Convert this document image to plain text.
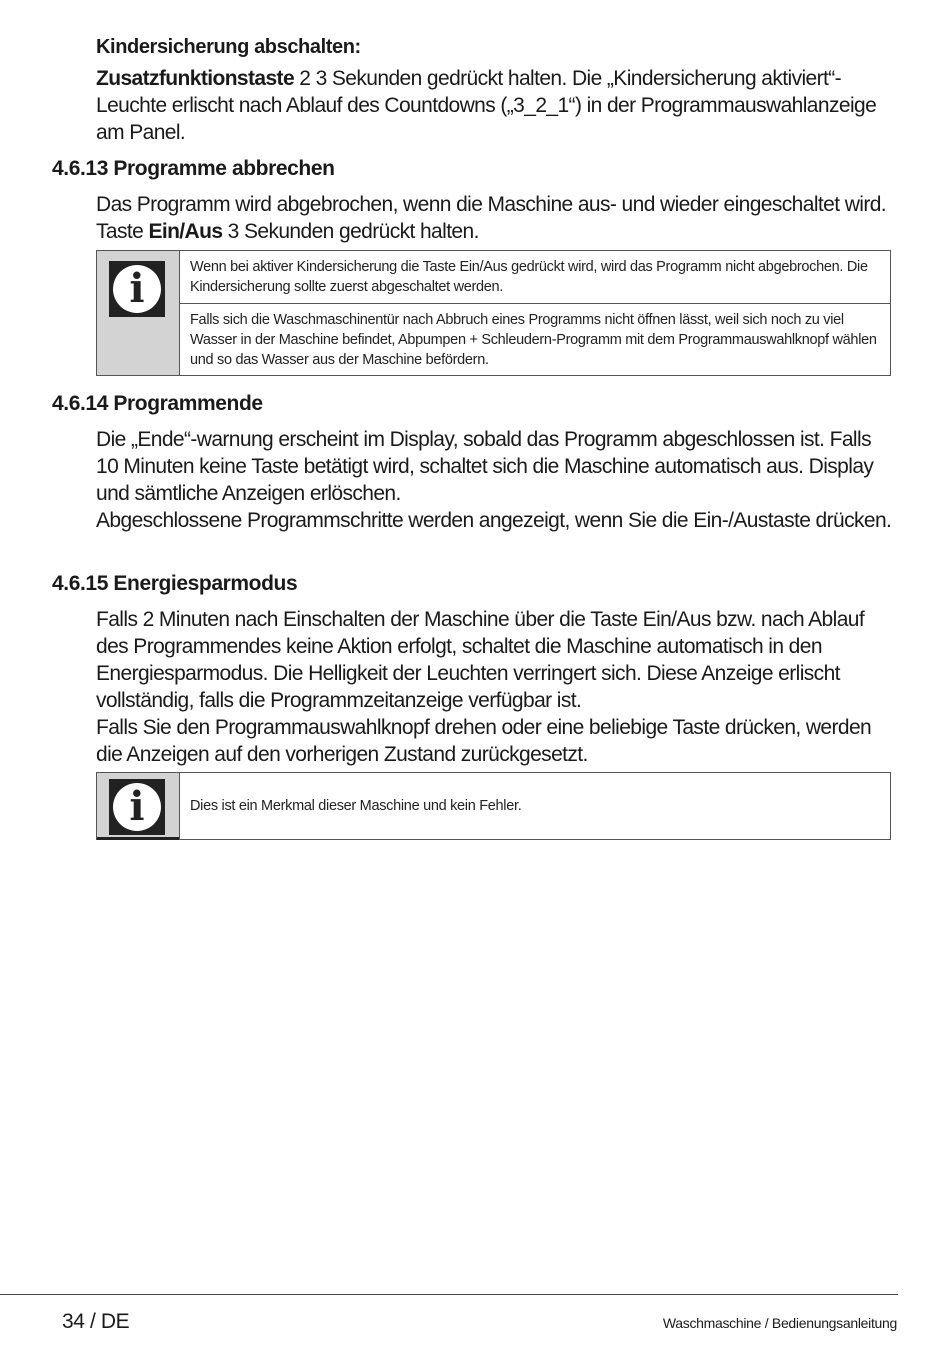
Kindersicherung abschalten:

Zusatzfunktionstaste 2 3 Sekunden gedrückt halten. Die „Kindersicherung aktiviert“-Leuchte erlischt nach Ablauf des Countdowns („3_2_1“) in der Programmauswahlanzeige am Panel.

4.6.13 Programme abbrechen

Das Programm wird abgebrochen, wenn die Maschine aus- und wieder eingeschaltet wird. Taste Ein/Aus 3 Sekunden gedrückt halten.

i	Wenn bei aktiver Kindersicherung die Taste Ein/Aus gedrückt wird, wird das Programm nicht abgebrochen. Die Kindersicherung sollte zuerst abgeschaltet werden.
Falls sich die Waschmaschinentür nach Abbruch eines Programms nicht öffnen lässt, weil sich noch zu viel Wasser in der Maschine befindet, Abpumpen + Schleudern-Programm mit dem Programmauswahlknopf wählen und so das Wasser aus der Maschine befördern.
4.6.14 Programmende

Die „Ende“-warnung erscheint im Display, sobald das Programm abgeschlossen ist. Falls 10 Minuten keine Taste betätigt wird, schaltet sich die Maschine automatisch aus. Display und sämtliche Anzeigen erlöschen.

Abgeschlossene Programmschritte werden angezeigt, wenn Sie die Ein-/Austaste drücken.

4.6.15 Energiesparmodus

Falls 2 Minuten nach Einschalten der Maschine über die Taste Ein/Aus bzw. nach Ablauf des Programmendes keine Aktion erfolgt, schaltet die Maschine automatisch in den Energiesparmodus. Die Helligkeit der Leuchten verringert sich. Diese Anzeige erlischt vollständig, falls die Programmzeitanzeige verfügbar ist.

Falls Sie den Programmauswahlknopf drehen oder eine beliebige Taste drücken, werden die Anzeigen auf den vorherigen Zustand zurückgesetzt.

i	Dies ist ein Merkmal dieser Maschine und kein Fehler.
34 / DE	Waschmaschine / Bedienungsanleitung
